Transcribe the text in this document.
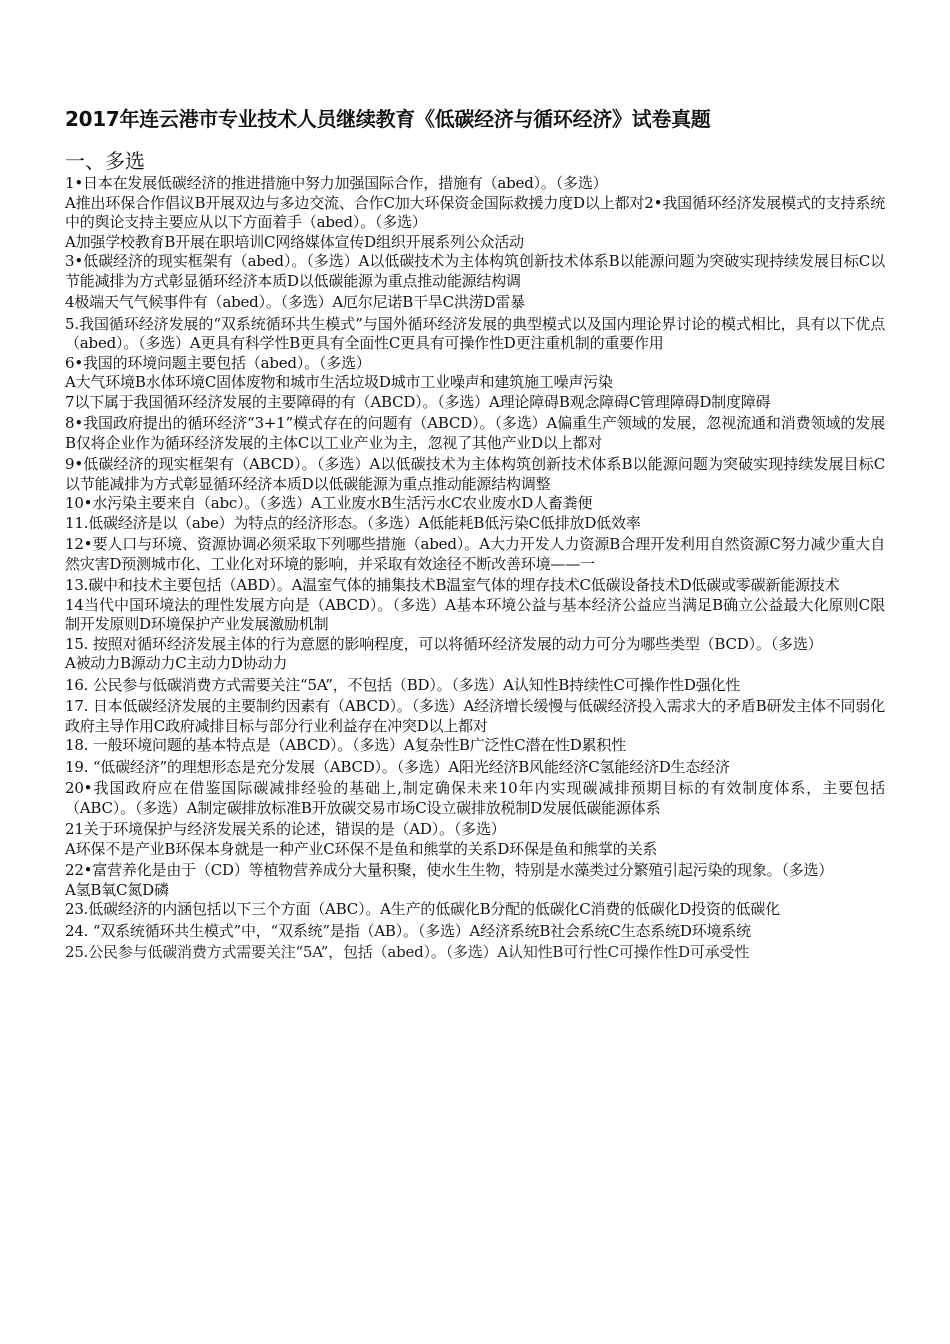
2017年连云港市专业技术人员继续教育《低碳经济与循环经济》试卷真题
一、多选

1•日本在发展低碳经济的推进措施中努力加强国际合作，措施有（abed）。（多选）

A推出环保合作倡议B开展双边与多边交流、合作C加大环保资金国际救援力度D以上都对2•我国循环经济发展模式的支持系统中的舆论支持主要应从以下方面着手（abed）。（多选）

A加强学校教育B开展在职培训C网络媒体宣传D组织开展系列公众活动

3•低碳经济的现实框架有（abed）。（多选）A以低碳技术为主体构筑创新技术体系B以能源问题为突破实现持续发展目标C以节能减排为方式彰显循环经济本质D以低碳能源为重点推动能源结构调

4极端天气气候事件有（abed）。（多选）A厄尔尼诺B干旱C洪涝D雷暴

5.我国循环经济发展的“双系统循环共生模式”与国外循环经济发展的典型模式以及国内理论界讨论的模式相比，具有以下优点（abed）。（多选）A更具有科学性B更具有全面性C更具有可操作性D更注重机制的重要作用

6•我国的环境问题主要包括（abed）。（多选）

A大气环境B水体环境C固体废物和城市生活垃圾D城市工业噪声和建筑施工噪声污染

7以下属于我国循环经济发展的主要障碍的有（ABCD）。（多选）A理论障碍B观念障碍C管理障碍D制度障碍

8•我国政府提出的循环经济“3+1”模式存在的问题有（ABCD）。（多选）A偏重生产领域的发展，忽视流通和消费领域的发展B仅将企业作为循环经济发展的主体C以工业产业为主，忽视了其他产业D以上都对

9•低碳经济的现实框架有（ABCD）。（多选）A以低碳技术为主体构筑创新技术体系B以能源问题为突破实现持续发展目标C以节能减排为方式彰显循环经济本质D以低碳能源为重点推动能源结构调整

10•水污染主要来自（abc）。（多选）A工业废水B生活污水C农业废水D人畜粪便

11.低碳经济是以（abe）为特点的经济形态。（多选）A低能耗B低污染C低排放D低效率

12•要人口与环境、资源协调必须采取下列哪些措施（abed）。A大力开发人力资源B合理开发利用自然资源C努力减少重大自然灾害D预测城市化、工业化对环境的影响，并采取有效途径不断改善环境——一

13.碳中和技术主要包括（ABD）。A温室气体的捕集技术B温室气体的埋存技术C低碳设备技术D低碳或零碳新能源技术

14当代中国环境法的理性发展方向是（ABCD）。（多选）A基本环境公益与基本经济公益应当满足B确立公益最大化原则C限制开发原则D环境保护产业发展激励机制

15. 按照对循环经济发展主体的行为意愿的影响程度，可以将循环经济发展的动力可分为哪些类型（BCD）。（多选）

A被动力B源动力C主动力D协动力

16. 公民参与低碳消费方式需要关注“5A”，不包括（BD）。（多选）A认知性B持续性C可操作性D强化性

17. 日本低碳经济发展的主要制约因素有（ABCD）。（多选）A经济增长缓慢与低碳经济投入需求大的矛盾B研发主体不同弱化政府主导作用C政府减排目标与部分行业利益存在冲突D以上都对

18. 一般环境问题的基本特点是（ABCD）。（多选）A复杂性B广泛性C潜在性D累积性

19. “低碳经济”的理想形态是充分发展（ABCD）。（多选）A阳光经济B风能经济C氢能经济D生态经济

20•我国政府应在借鉴国际碳减排经验的基础上,制定确保未来10年内实现碳减排预期目标的有效制度体系，主要包括（ABC）。（多选）A制定碳排放标准B开放碳交易市场C设立碳排放税制D发展低碳能源体系

21关于环境保护与经济发展关系的论述，错误的是（AD）。（多选）

A环保不是产业B环保本身就是一种产业C环保不是鱼和熊掌的关系D环保是鱼和熊掌的关系

22•富营养化是由于（CD）等植物营养成分大量积聚，使水生生物，特别是水藻类过分繁殖引起污染的现象。（多选）

A氢B氧C氮D磷

23.低碳经济的内涵包括以下三个方面（ABC）。A生产的低碳化B分配的低碳化C消费的低碳化D投资的低碳化

24. “双系统循环共生模式”中，“双系统”是指（AB）。（多选）A经济系统B社会系统C生态系统D环境系统

25.公民参与低碳消费方式需要关注“5A”，包括（abed）。（多选）A认知性B可行性C可操作性D可承受性
